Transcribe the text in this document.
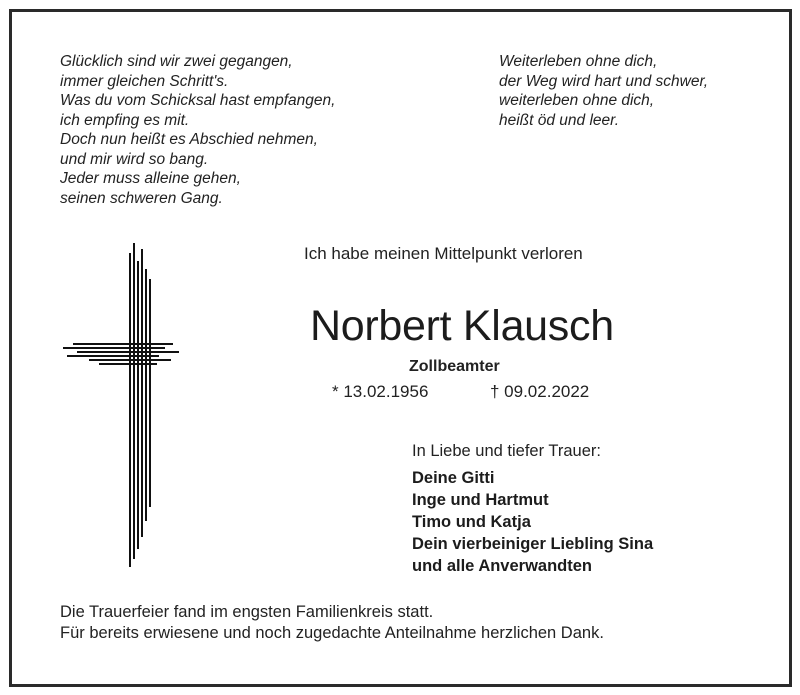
Glücklich sind wir zwei gegangen,
immer gleichen Schritt's.
Was du vom Schicksal hast empfangen,
ich empfing es mit.
Doch nun heißt es Abschied nehmen,
und mir wird so bang.
Jeder muss alleine gehen,
seinen schweren Gang.
Weiterleben ohne dich,
der Weg wird hart und schwer,
weiterleben ohne dich,
heißt öd und leer.
Ich habe meinen Mittelpunkt verloren
Norbert Klausch
Zollbeamter
* 13.02.1956	† 09.02.2022
In Liebe und tiefer Trauer:
Deine Gitti
Inge und Hartmut
Timo und Katja
Dein vierbeiniger Liebling Sina
und alle Anverwandten
Die Trauerfeier fand im engsten Familienkreis statt.
Für bereits erwiesene und noch zugedachte Anteilnahme herzlichen Dank.
